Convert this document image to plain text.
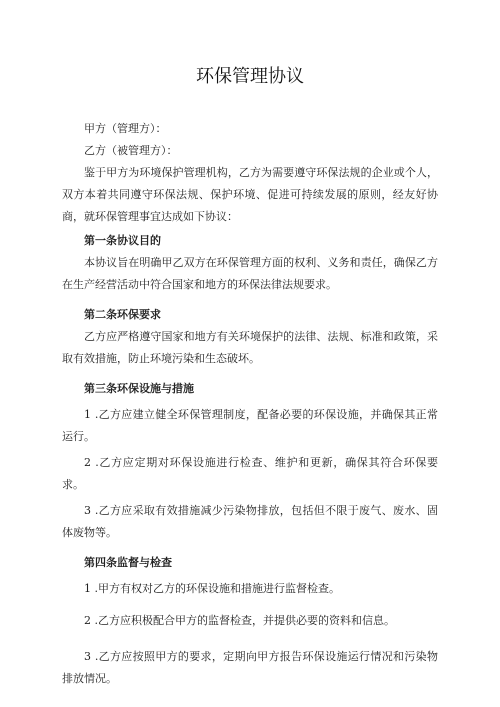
环保管理协议

甲方（管理方）：

乙方（被管理方）：

鉴于甲方为环境保护管理机构，乙方为需要遵守环保法规的企业或个人，双方本着共同遵守环保法规、保护环境、促进可持续发展的原则，经友好协商，就环保管理事宜达成如下协议：

第一条协议目的

本协议旨在明确甲乙双方在环保管理方面的权利、义务和责任，确保乙方在生产经营活动中符合国家和地方的环保法律法规要求。

第二条环保要求

乙方应严格遵守国家和地方有关环境保护的法律、法规、标准和政策，采取有效措施，防止环境污染和生态破坏。

第三条环保设施与措施

1 .乙方应建立健全环保管理制度，配备必要的环保设施，并确保其正常运行。

2 .乙方应定期对环保设施进行检查、维护和更新，确保其符合环保要求。

3 .乙方应采取有效措施减少污染物排放，包括但不限于废气、废水、固体废物等。

第四条监督与检查

1 .甲方有权对乙方的环保设施和措施进行监督检查。

2 .乙方应积极配合甲方的监督检查，并提供必要的资料和信息。

3 .乙方应按照甲方的要求，定期向甲方报告环保设施运行情况和污染物排放情况。
